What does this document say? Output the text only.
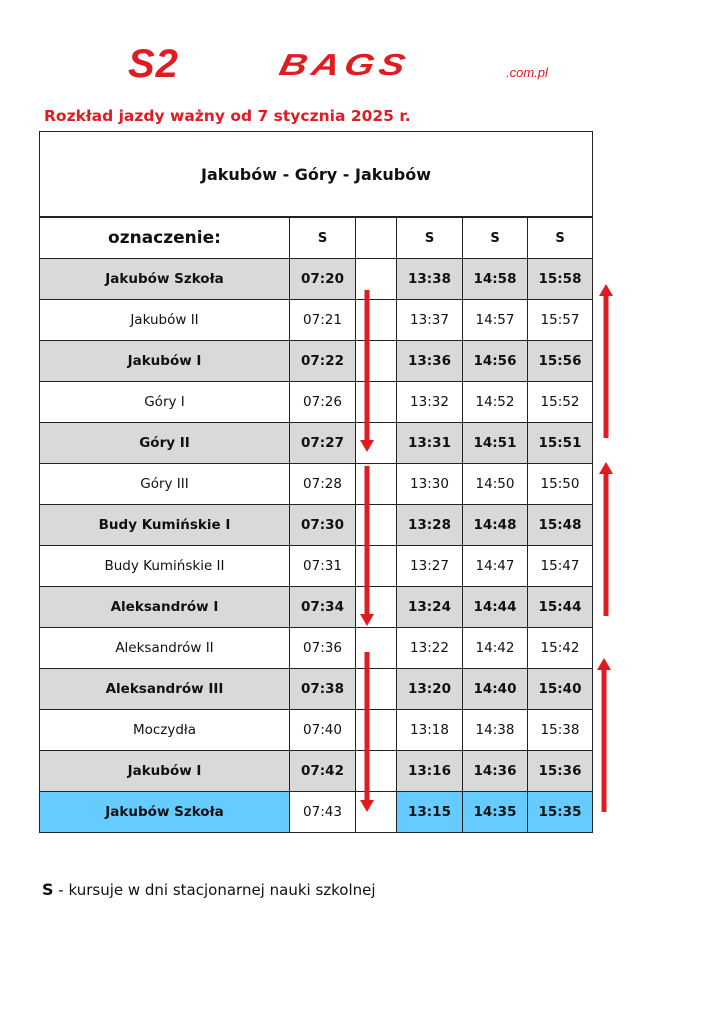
S2	BAGS	.com.pl
Rozkład jazdy ważny od 7 stycznia 2025 r.
Jakubów - Góry - Jakubów					
oznaczenie:	S		S	S	S
Jakubów Szkoła	07:20		13:38	14:58	15:58
Jakubów II	07:21		13:37	14:57	15:57
Jakubów I	07:22		13:36	14:56	15:56
Góry I	07:26		13:32	14:52	15:52
Góry II	07:27		13:31	14:51	15:51
Góry III	07:28		13:30	14:50	15:50
Budy Kumińskie I	07:30		13:28	14:48	15:48
Budy Kumińskie II	07:31		13:27	14:47	15:47
Aleksandrów I	07:34		13:24	14:44	15:44
Aleksandrów II	07:36		13:22	14:42	15:42
Aleksandrów III	07:38		13:20	14:40	15:40
Moczydła	07:40		13:18	14:38	15:38
Jakubów I	07:42		13:16	14:36	15:36
Jakubów Szkoła	07:43		13:15	14:35	15:35
S - kursuje w dni stacjonarnej nauki szkolnej
